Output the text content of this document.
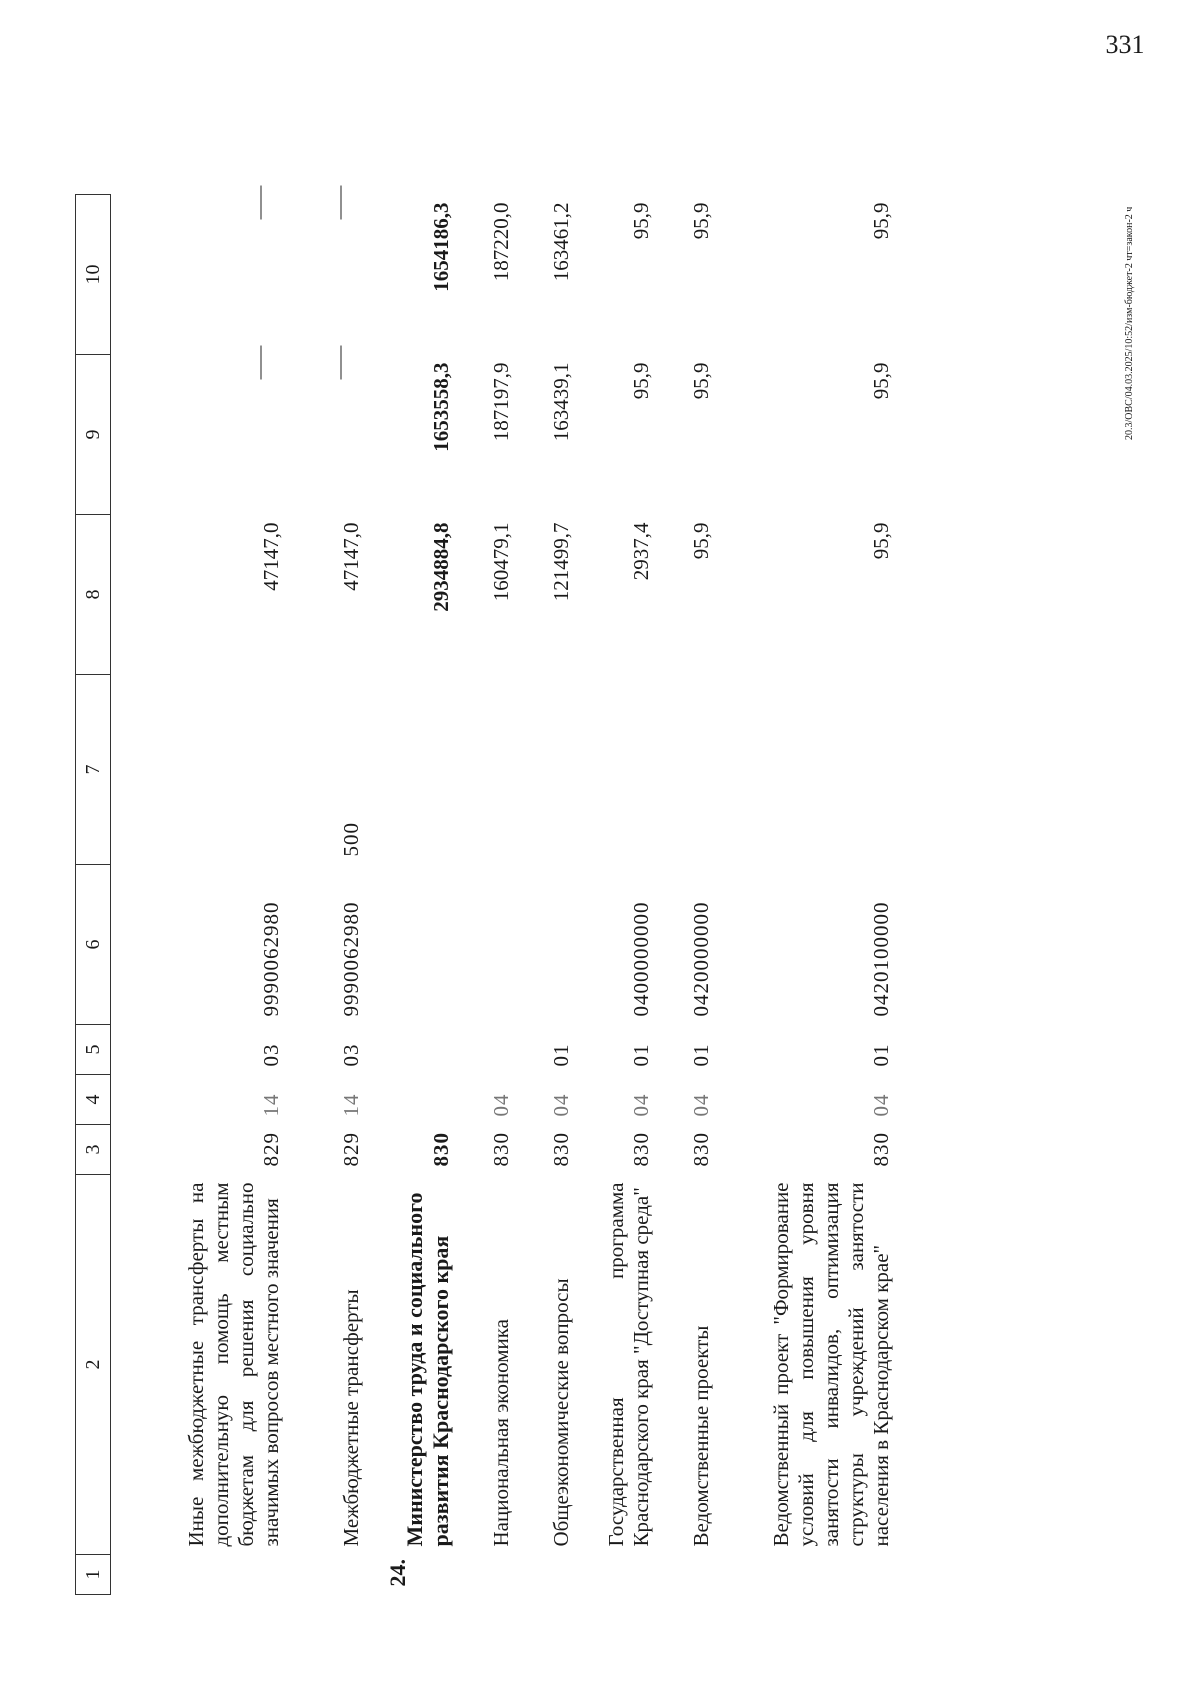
331
1	2	3	4	5	6	7	8	9	10
	Иные межбюджетные трансферты на дополнительную помощь местным бюджетам для решения социально значимых вопросов местного значения	829	14	03	9990062980		47147,0		
	Межбюджетные трансферты	829	14	03	9990062980	500	47147,0		
24.	Министерство труда и социального развития Краснодарского края	830					2934884,8	1653558,3	1654186,3
	Национальная экономика	830	04				160479,1	187197,9	187220,0
	Общеэкономические вопросы	830	04	01			121499,7	163439,1	163461,2
	Государственная программа Краснодарского края "Доступная среда"	830	04	01	0400000000		2937,4	95,9	95,9
	Ведомственные проекты	830	04	01	0420000000		95,9	95,9	95,9
	Ведомственный проект "Формирование условий для повышения уровня занятости инвалидов, оптимизация структуры учреждений занятости населения в Краснодарском крае"	830	04	01	0420100000		95,9	95,9	95,9	20.3/ОВС/04.03.2025/10:52/изм-бюджет-2 чт=закон-2 ч
